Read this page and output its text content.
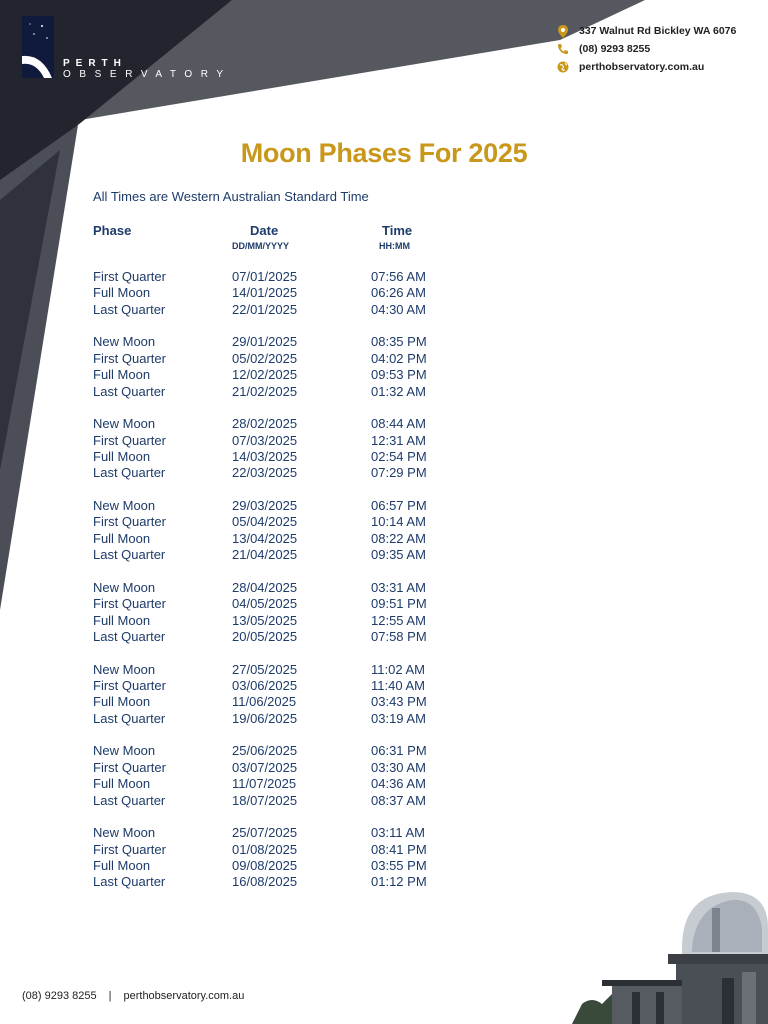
PERTH
OBSERVATORY
337 Walnut Rd Bickley WA 6076
(08) 9293 8255
perthobservatory.com.au
Moon Phases For 2025
All Times are Western Australian Standard Time
Phase	Date
DD/MM/YYYY
Time
HH:MM
First Quarter	07/01/2025	07:56 AM
Full Moon	14/01/2025	06:26 AM
Last Quarter	22/01/2025	04:30 AM
New Moon	29/01/2025	08:35 PM
First Quarter	05/02/2025	04:02 PM
Full Moon	12/02/2025	09:53 PM
Last Quarter	21/02/2025	01:32 AM
New Moon	28/02/2025	08:44 AM
First Quarter	07/03/2025	12:31 AM
Full Moon	14/03/2025	02:54 PM
Last Quarter	22/03/2025	07:29 PM
New Moon	29/03/2025	06:57 PM
First Quarter	05/04/2025	10:14 AM
Full Moon	13/04/2025	08:22 AM
Last Quarter	21/04/2025	09:35 AM
New Moon	28/04/2025	03:31 AM
First Quarter	04/05/2025	09:51 PM
Full Moon	13/05/2025	12:55 AM
Last Quarter	20/05/2025	07:58 PM
New Moon	27/05/2025	11:02 AM
First Quarter	03/06/2025	11:40 AM
Full Moon	11/06/2025	03:43 PM
Last Quarter	19/06/2025	03:19 AM
New Moon	25/06/2025	06:31 PM
First Quarter	03/07/2025	03:30 AM
Full Moon	11/07/2025	04:36 AM
Last Quarter	18/07/2025	08:37 AM
New Moon	25/07/2025	03:11 AM
First Quarter	01/08/2025	08:41 PM
Full Moon	09/08/2025	03:55 PM
Last Quarter	16/08/2025	01:12 PM
(08) 9293 8255 | perthobservatory.com.au
